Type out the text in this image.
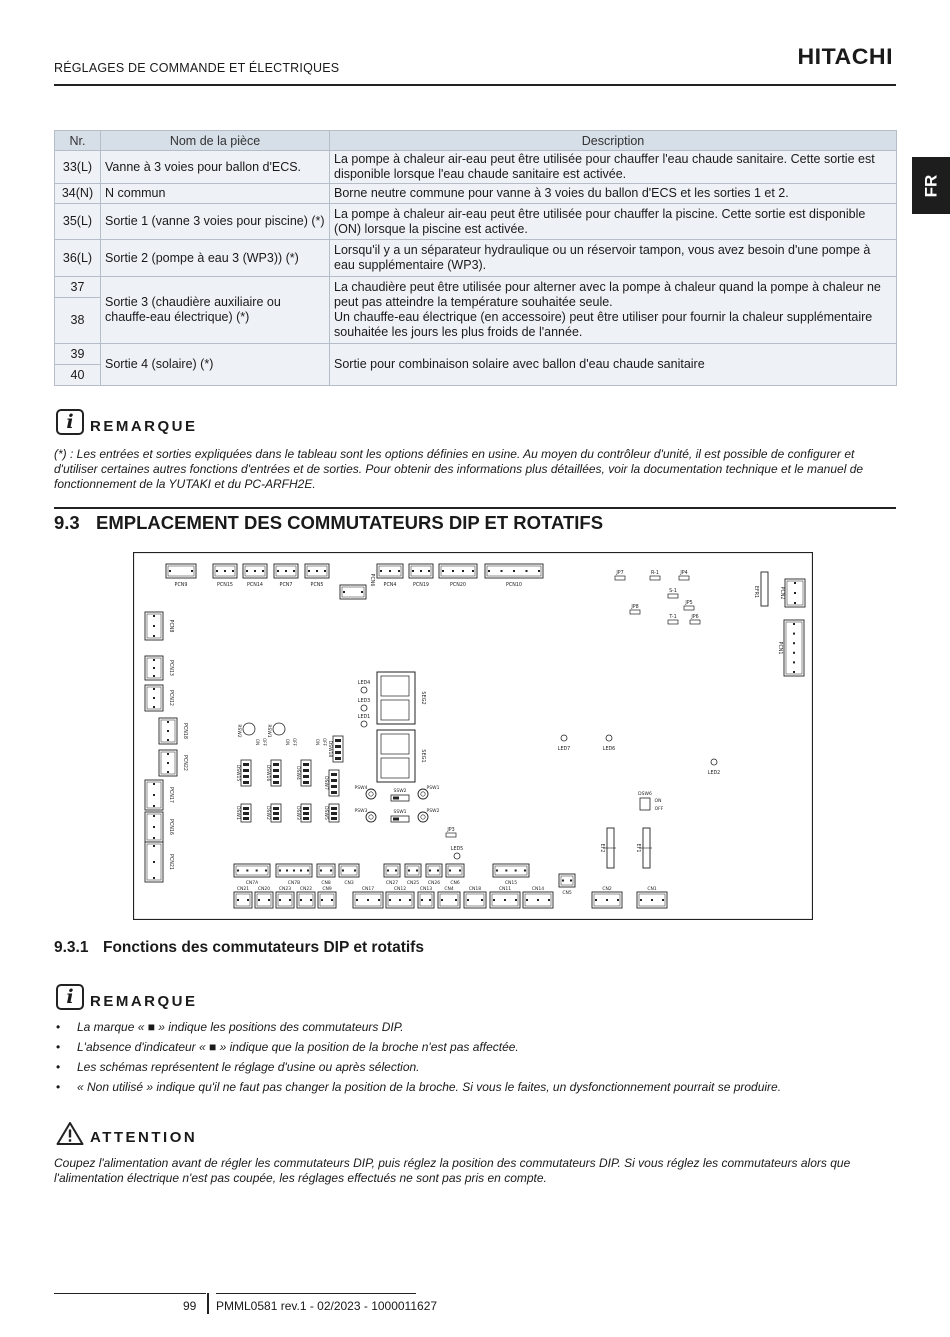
RÉGLAGES DE COMMANDE ET ÉLECTRIQUES	HITACHI
FR
Nr.	Nom de la pièce	Description
33(L)	Vanne à 3 voies pour ballon d'ECS.	La pompe à chaleur air-eau peut être utilisée pour chauffer l'eau chaude sanitaire. Cette sortie est disponible lorsque l'eau chaude sanitaire est activée.
34(N)	N commun	Borne neutre commune pour vanne à 3 voies du ballon d'ECS et les sorties 1 et 2.
35(L)	Sortie 1 (vanne 3 voies pour piscine) (*)	La pompe à chaleur air-eau peut être utilisée pour chauffer la piscine. Cette sortie est disponible (ON) lorsque la piscine est activée.
36(L)	Sortie 2 (pompe à eau 3 (WP3)) (*)	Lorsqu'il y a un séparateur hydraulique ou un réservoir tampon, vous avez besoin d'une pompe à eau supplémentaire (WP3).
37	Sortie 3 (chaudière auxiliaire ou chauffe-eau électrique) (*)	La chaudière peut être utilisée pour alterner avec la pompe à chaleur quand la pompe à chaleur ne peut pas atteindre la température souhaitée seule.
Un chauffe-eau électrique (en accessoire) peut être utiliser pour fournir la chaleur supplémentaire souhaitée les jours les plus froids de l'année.

38		
39	Sortie 4 (solaire) (*)	Sortie pour combinaison solaire avec ballon d'eau chaude sanitaire
40		
i	REMARQUE
(*) : Les entrées et sorties expliquées dans le tableau sont les options définies en usine. Au moyen du contrôleur d'unité, il est possible de configurer et d'utiliser certaines autres fonctions d'entrées et de sorties. Pour obtenir des informations plus détaillées, voir la documentation technique et le manuel de fonctionnement de la YUTAKI et du PC-ARFH2E.
9.3 EMPLACEMENT DES COMMUTATEURS DIP ET ROTATIFS
PCN9	PCN15	PCN14	PCN7	PCN5	PCN6 PCN4	PCN19	PCN20	PCN10
PCN8
PCN13
PCN12
PCN18
PCN22
PCN17
PCN16
PCN21
PCN2
PCN1
EFR1
JP7	R-1	JP4
S-1
JP5
JP8
T-1	JP6
JP3
LED4
LED3
LED1
LED7	LED6
LED2
LED5
SEG2
SEG1
RSW2	RSW1
DSW15	DSW16	DSW4
DSW7
DSW18
ON OFF	ON OFF	ON OFF
DSW1	DSW2	DSW3	DSW5
PSW4
PSW3
PSW1
PSW2
SSW2
SSW1
DSW6
ON
OFF
EF2	EF1
CN7A	CN7B	CN8	CN3	CN27 CN25 CN26 CN6	CN15
CN5
CN21 CN20 CN23 CN22 CN9	CN17	CN12	CN13	CN4	CN18	CN11	CN14	CN2	CN1
9.3.1 Fonctions des commutateurs DIP et rotatifs
i	REMARQUE
• La marque « ■ » indique les positions des commutateurs DIP.
• L'absence d'indicateur « ■ » indique que la position de la broche n'est pas affectée.
• Les schémas représentent le réglage d'usine ou après sélection.
• « Non utilisé » indique qu'il ne faut pas changer la position de la broche. Si vous le faites, un dysfonctionnement pourrait se produire.
ATTENTION
Coupez l'alimentation avant de régler les commutateurs DIP, puis réglez la position des commutateurs DIP. Si vous réglez les commutateurs alors que l'alimentation électrique n'est pas coupée, les réglages effectués ne sont pas pris en compte.
99 PMML0581 rev.1 - 02/2023 - 1000011627
